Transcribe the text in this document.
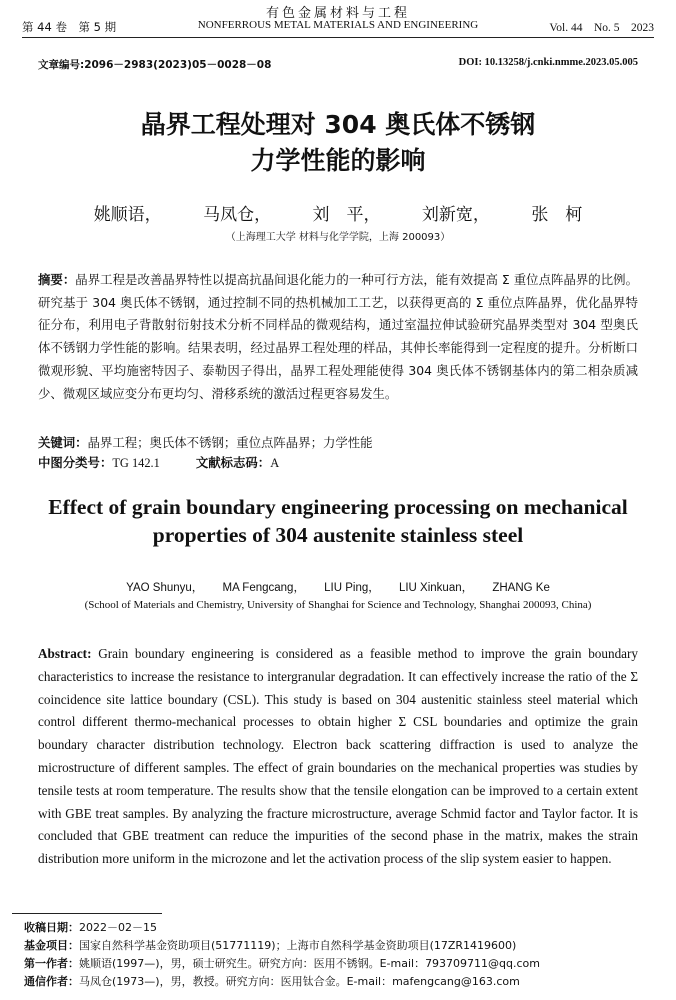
有色金属材料与工程
第 44 卷　第 5 期	NONFERROUS METAL MATERIALS AND ENGINEERING	Vol. 44　No. 5　2023
文章编号:2096－2983(2023)05－0028－08	DOI: 10.13258/j.cnki.nmme.2023.05.005
晶界工程处理对 304 奥氏体不锈钢
力学性能的影响
姚顺语， 马凤仓， 刘　平， 刘新宽， 张　柯
（上海理工大学 材料与化学学院，上海 200093）
摘要：晶界工程是改善晶界特性以提高抗晶间退化能力的一种可行方法，能有效提高 Σ 重位点阵晶界的比例。研究基于 304 奥氏体不锈钢，通过控制不同的热机械加工工艺，以获得更高的 Σ 重位点阵晶界，优化晶界特征分布，利用电子背散射衍射技术分析不同样品的微观结构，通过室温拉伸试验研究晶界类型对 304 型奥氏体不锈钢力学性能的影响。结果表明，经过晶界工程处理的样品，其伸长率能得到一定程度的提升。分析断口微观形貌、平均施密特因子、泰勒因子得出，晶界工程处理能使得 304 奥氏体不锈钢基体内的第二相杂质减少、微观区域应变分布更均匀、滑移系统的激活过程更容易发生。
关键词：晶界工程；奥氏体不锈钢；重位点阵晶界；力学性能
中图分类号：TG 142.1	文献标志码：A
Effect of grain boundary engineering processing on mechanical
properties of 304 austenite stainless steel
YAO Shunyu， MA Fengcang， LIU Ping， LIU Xinkuan， ZHANG Ke
(School of Materials and Chemistry, University of Shanghai for Science and Technology, Shanghai 200093, China)
Abstract: Grain boundary engineering is considered as a feasible method to improve the grain boundary characteristics to increase the resistance to intergranular degradation. It can effectively increase the ratio of the Σ coincidence site lattice boundary (CSL). This study is based on 304 austenitic stainless steel material which control different thermo-mechanical processes to obtain higher Σ CSL boundaries and optimize the grain boundary character distribution technology. Electron back scattering diffraction is used to analyze the microstructure of different samples. The effect of grain boundaries on the mechanical properties was studies by tensile tests at room temperature. The results show that the tensile elongation can be improved to a certain extent with GBE treat samples. By analyzing the fracture microstructure, average Schmid factor and Taylor factor. It is concluded that GBE treatment can reduce the impurities of the second phase in the matrix, makes the strain distribution more uniform in the microzone and let the activation process of the slip system easier to happen.
收稿日期：2022－02－15
基金项目：国家自然科学基金资助项目(51771119)；上海市自然科学基金资助项目(17ZR1419600)
第一作者：姚顺语(1997—)，男，硕士研究生。研究方向：医用不锈钢。E-mail：793709711@qq.com
通信作者：马凤仓(1973—)，男，教授。研究方向：医用钛合金。E-mail：mafengcang@163.com
